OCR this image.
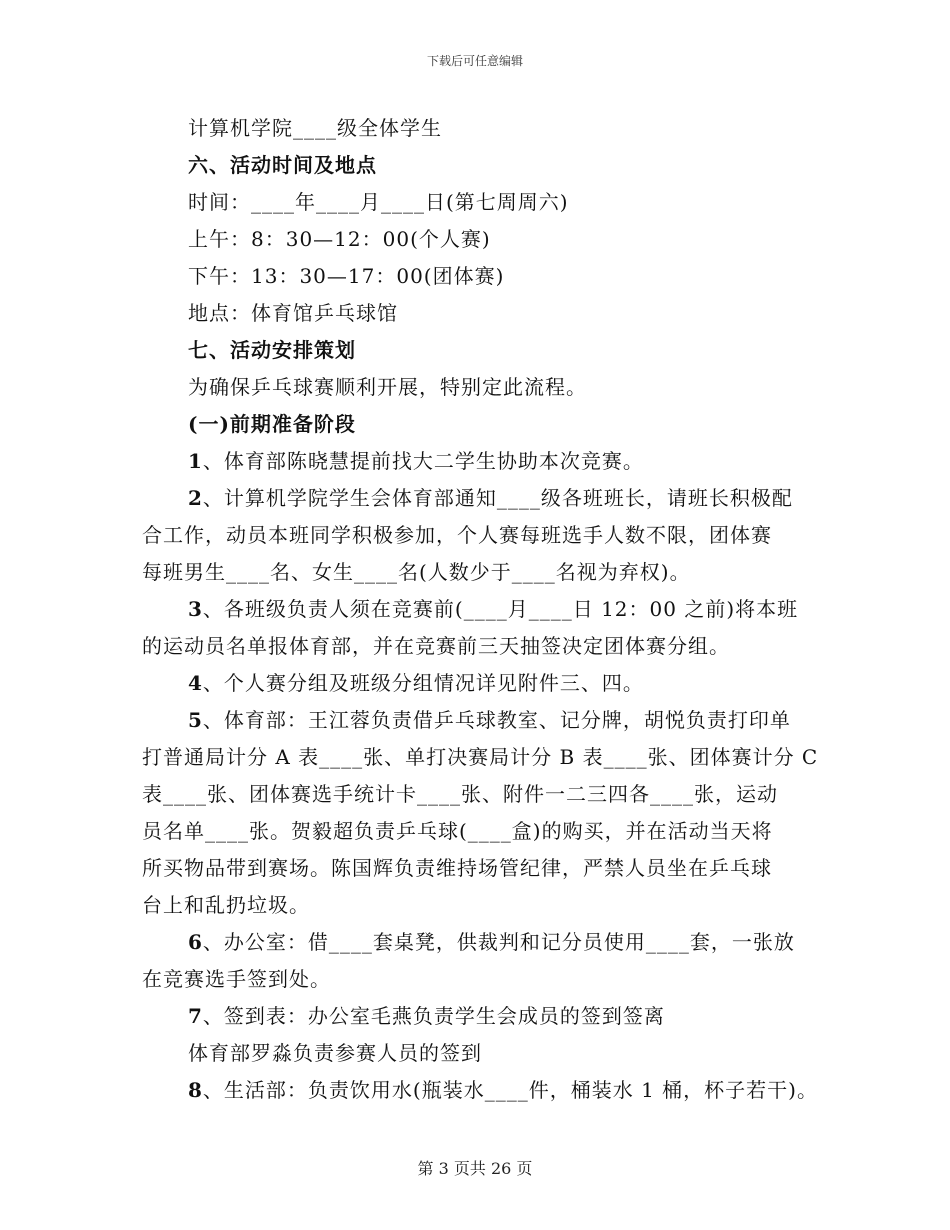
下载后可任意编辑
计算机学院____级全体学生
六、活动时间及地点
时间：____年____月____日(第七周周六)
上午：8：30—12：00(个人赛)
下午：13：30—17：00(团体赛)
地点：体育馆乒乓球馆
七、活动安排策划
为确保乒乓球赛顺利开展，特别定此流程。
(一)前期准备阶段
1、体育部陈晓慧提前找大二学生协助本次竞赛。
2、计算机学院学生会体育部通知____级各班班长，请班长积极配
合工作，动员本班同学积极参加，个人赛每班选手人数不限，团体赛
每班男生____名、女生____名(人数少于____名视为弃权)。
3、各班级负责人须在竞赛前(____月____日 12：00 之前)将本班
的运动员名单报体育部，并在竞赛前三天抽签决定团体赛分组。
4、个人赛分组及班级分组情况详见附件三、四。
5、体育部：王江蓉负责借乒乓球教室、记分牌，胡悦负责打印单
打普通局计分 A 表____张、单打决赛局计分 B 表____张、团体赛计分 C
表____张、团体赛选手统计卡____张、附件一二三四各____张，运动
员名单____张。贺毅超负责乒乓球(____盒)的购买，并在活动当天将
所买物品带到赛场。陈国辉负责维持场管纪律，严禁人员坐在乒乓球
台上和乱扔垃圾。
6、办公室：借____套桌凳，供裁判和记分员使用____套，一张放
在竞赛选手签到处。
7、签到表：办公室毛燕负责学生会成员的签到签离
体育部罗淼负责参赛人员的签到
8、生活部：负责饮用水(瓶装水____件，桶装水 1 桶，杯子若干)。
第 3 页共 26 页
